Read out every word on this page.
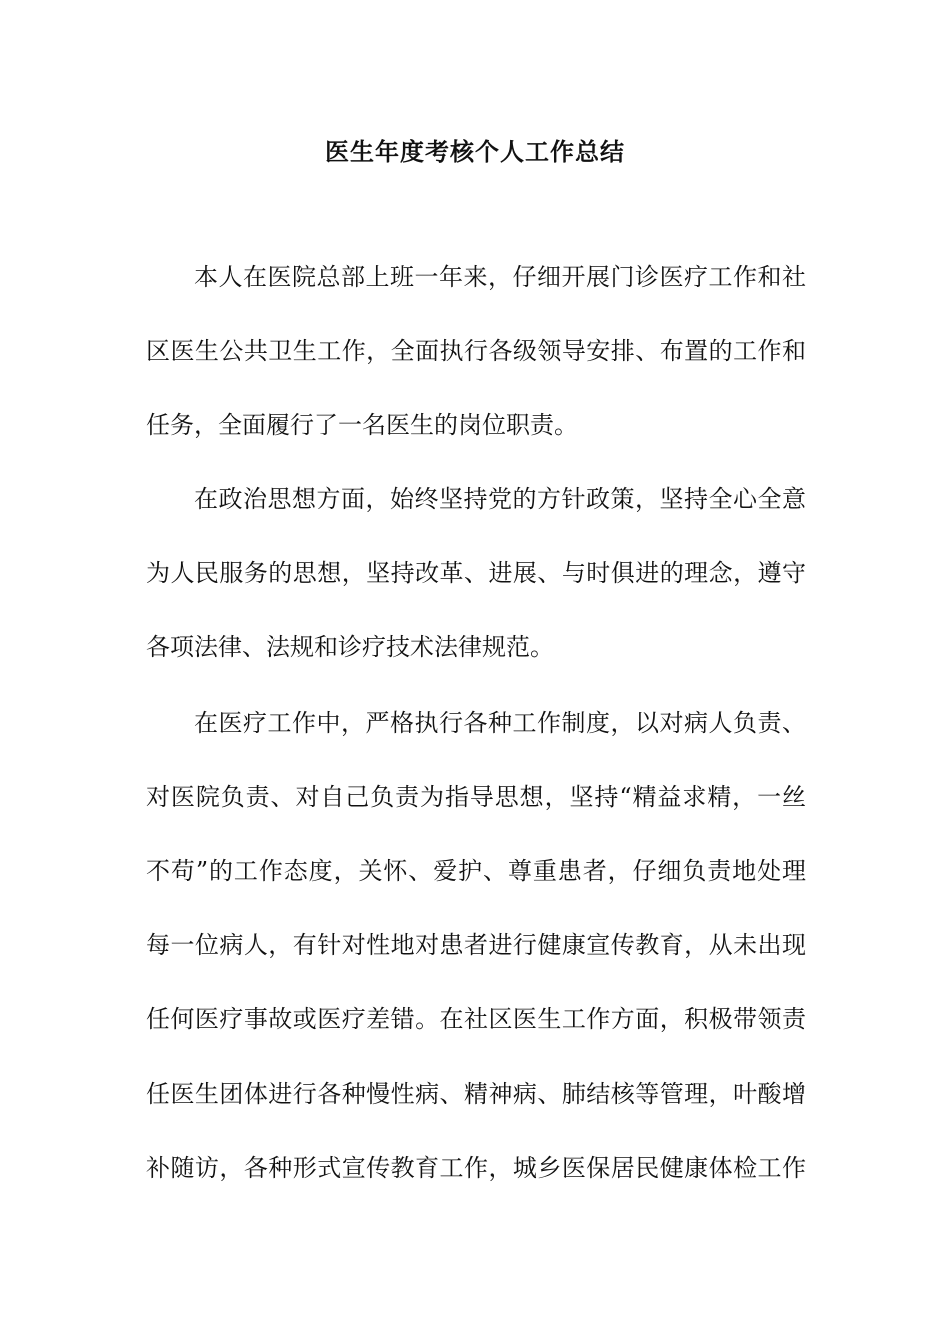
医生年度考核个人工作总结
本人在医院总部上班一年来，仔细开展门诊医疗工作和社
区医生公共卫生工作，全面执行各级领导安排、布置的工作和
任务，全面履行了一名医生的岗位职责。
在政治思想方面，始终坚持党的方针政策，坚持全心全意
为人民服务的思想，坚持改革、进展、与时俱进的理念，遵守
各项法律、法规和诊疗技术法律规范。
在医疗工作中，严格执行各种工作制度，以对病人负责、
对医院负责、对自己负责为指导思想，坚持“精益求精，一丝
不苟”的工作态度，关怀、爱护、尊重患者，仔细负责地处理
每一位病人，有针对性地对患者进行健康宣传教育，从未出现
任何医疗事故或医疗差错。在社区医生工作方面，积极带领责
任医生团体进行各种慢性病、精神病、肺结核等管理，叶酸增
补随访，各种形式宣传教育工作，城乡医保居民健康体检工作
